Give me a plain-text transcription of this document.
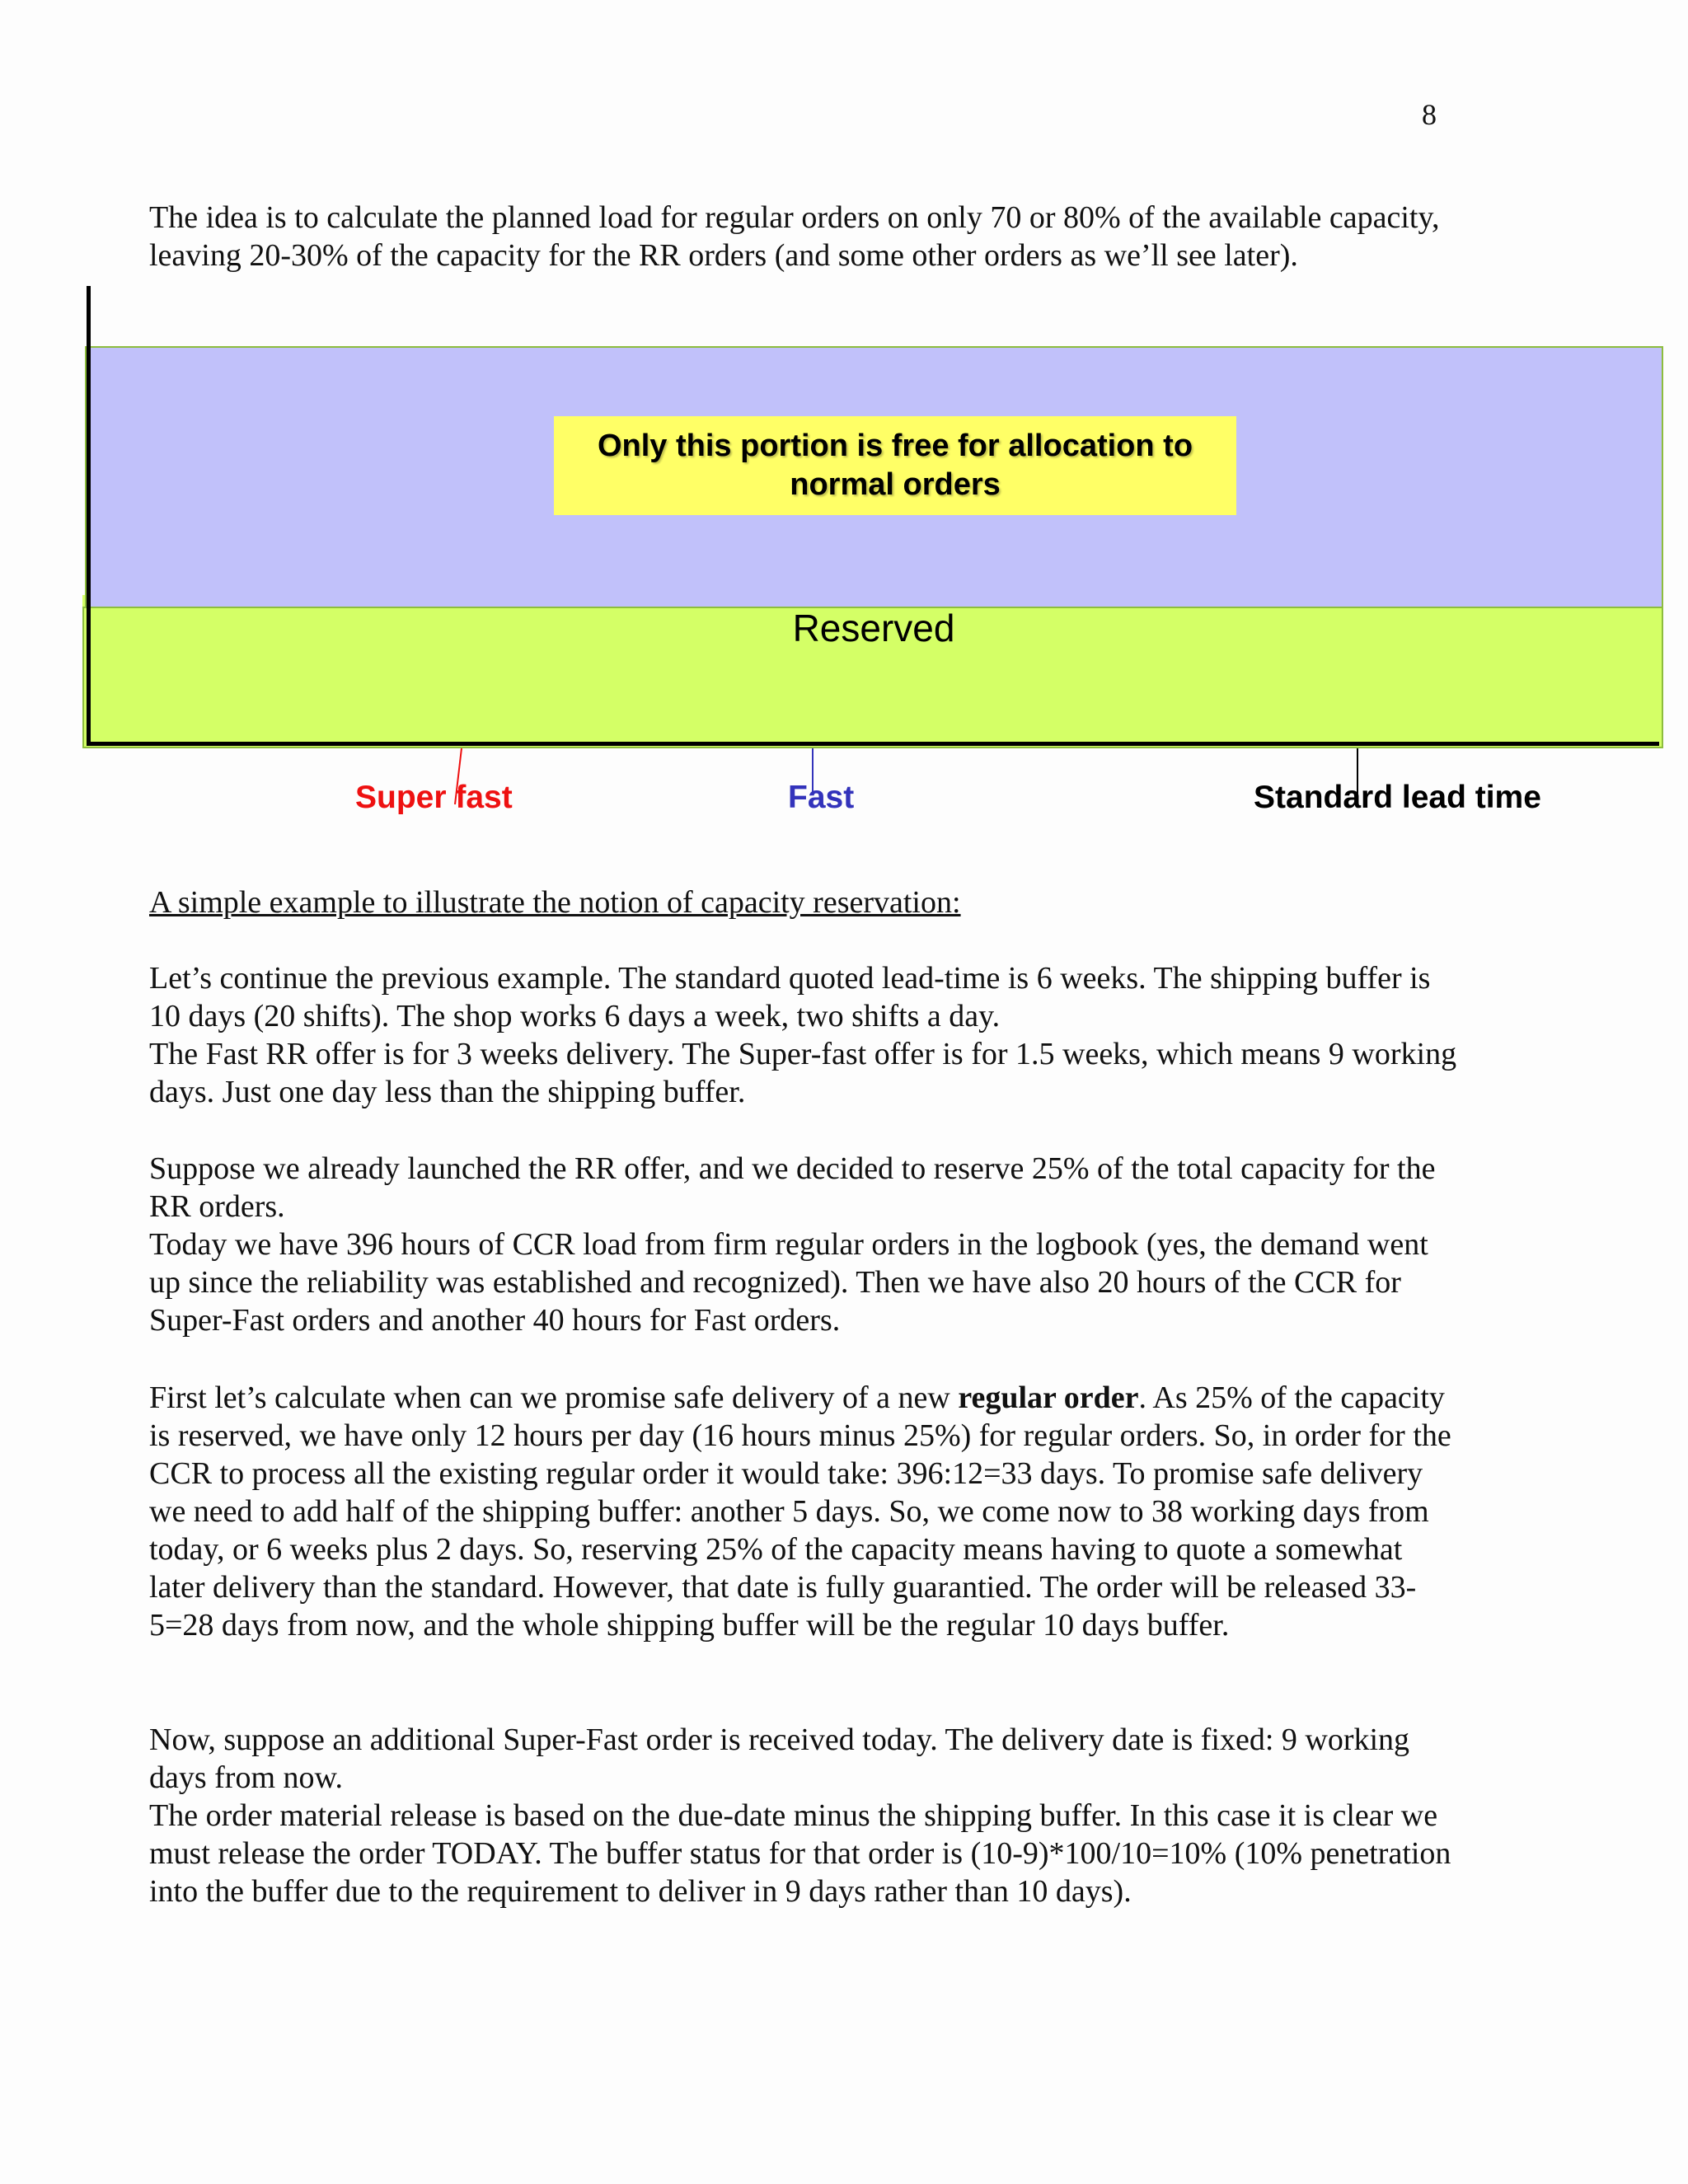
8

The idea is to calculate the planned load for regular orders on only 70 or 80% of the available capacity, leaving 20-30% of the capacity for the RR orders (and some other orders as we’ll see later).

Only this portion is free for allocation to normal orders
Reserved
Super fast	Fast	Standard lead time

A simple example to illustrate the notion of capacity reservation:

Let’s continue the previous example. The standard quoted lead-time is 6 weeks. The shipping buffer is 10 days (20 shifts). The shop works 6 days a week, two shifts a day.

The Fast RR offer is for 3 weeks delivery. The Super-fast offer is for 1.5 weeks, which means 9 working days. Just one day less than the shipping buffer.

Suppose we already launched the RR offer, and we decided to reserve 25% of the total capacity for the RR orders.

Today we have 396 hours of CCR load from firm regular orders in the logbook (yes, the demand went up since the reliability was established and recognized). Then we have also 20 hours of the CCR for Super-Fast orders and another 40 hours for Fast orders.

First let’s calculate when can we promise safe delivery of a new regular order. As 25% of the capacity is reserved, we have only 12 hours per day (16 hours minus 25%) for regular orders. So, in order for the CCR to process all the existing regular order it would take: 396:12=33 days. To promise safe delivery we need to add half of the shipping buffer: another 5 days. So, we come now to 38 working days from today, or 6 weeks plus 2 days. So, reserving 25% of the capacity means having to quote a somewhat later delivery than the standard. However, that date is fully guarantied. The order will be released 33-5=28 days from now, and the whole shipping buffer will be the regular 10 days buffer.

Now, suppose an additional Super-Fast order is received today. The delivery date is fixed: 9 working days from now.

The order material release is based on the due-date minus the shipping buffer. In this case it is clear we must release the order TODAY. The buffer status for that order is (10-9)*100/10=10% (10% penetration into the buffer due to the requirement to deliver in 9 days rather than 10 days).
